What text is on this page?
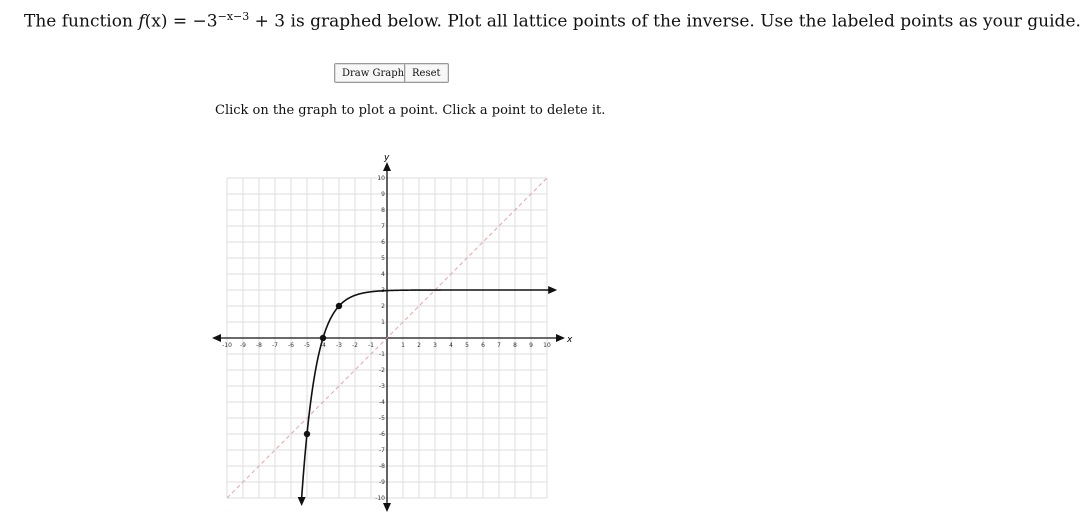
The function $f(x) = -3^{-x-3} + 3$ is graphed below. Plot all lattice points of the inverse. Use the labeled points as your guide.
Draw Graph Reset
Click on the graph to plot a point. Click a point to delete it.
x
y
-10 -9 -8 -7 -6 -5 -4 -3 -2 -1	1 2 3 4 5 6 7 8 9 10
-10
-9
-8
-7
-6
-5
-4
-3
-2
-1
1
2
3
4
5
6
7
8
9
10
